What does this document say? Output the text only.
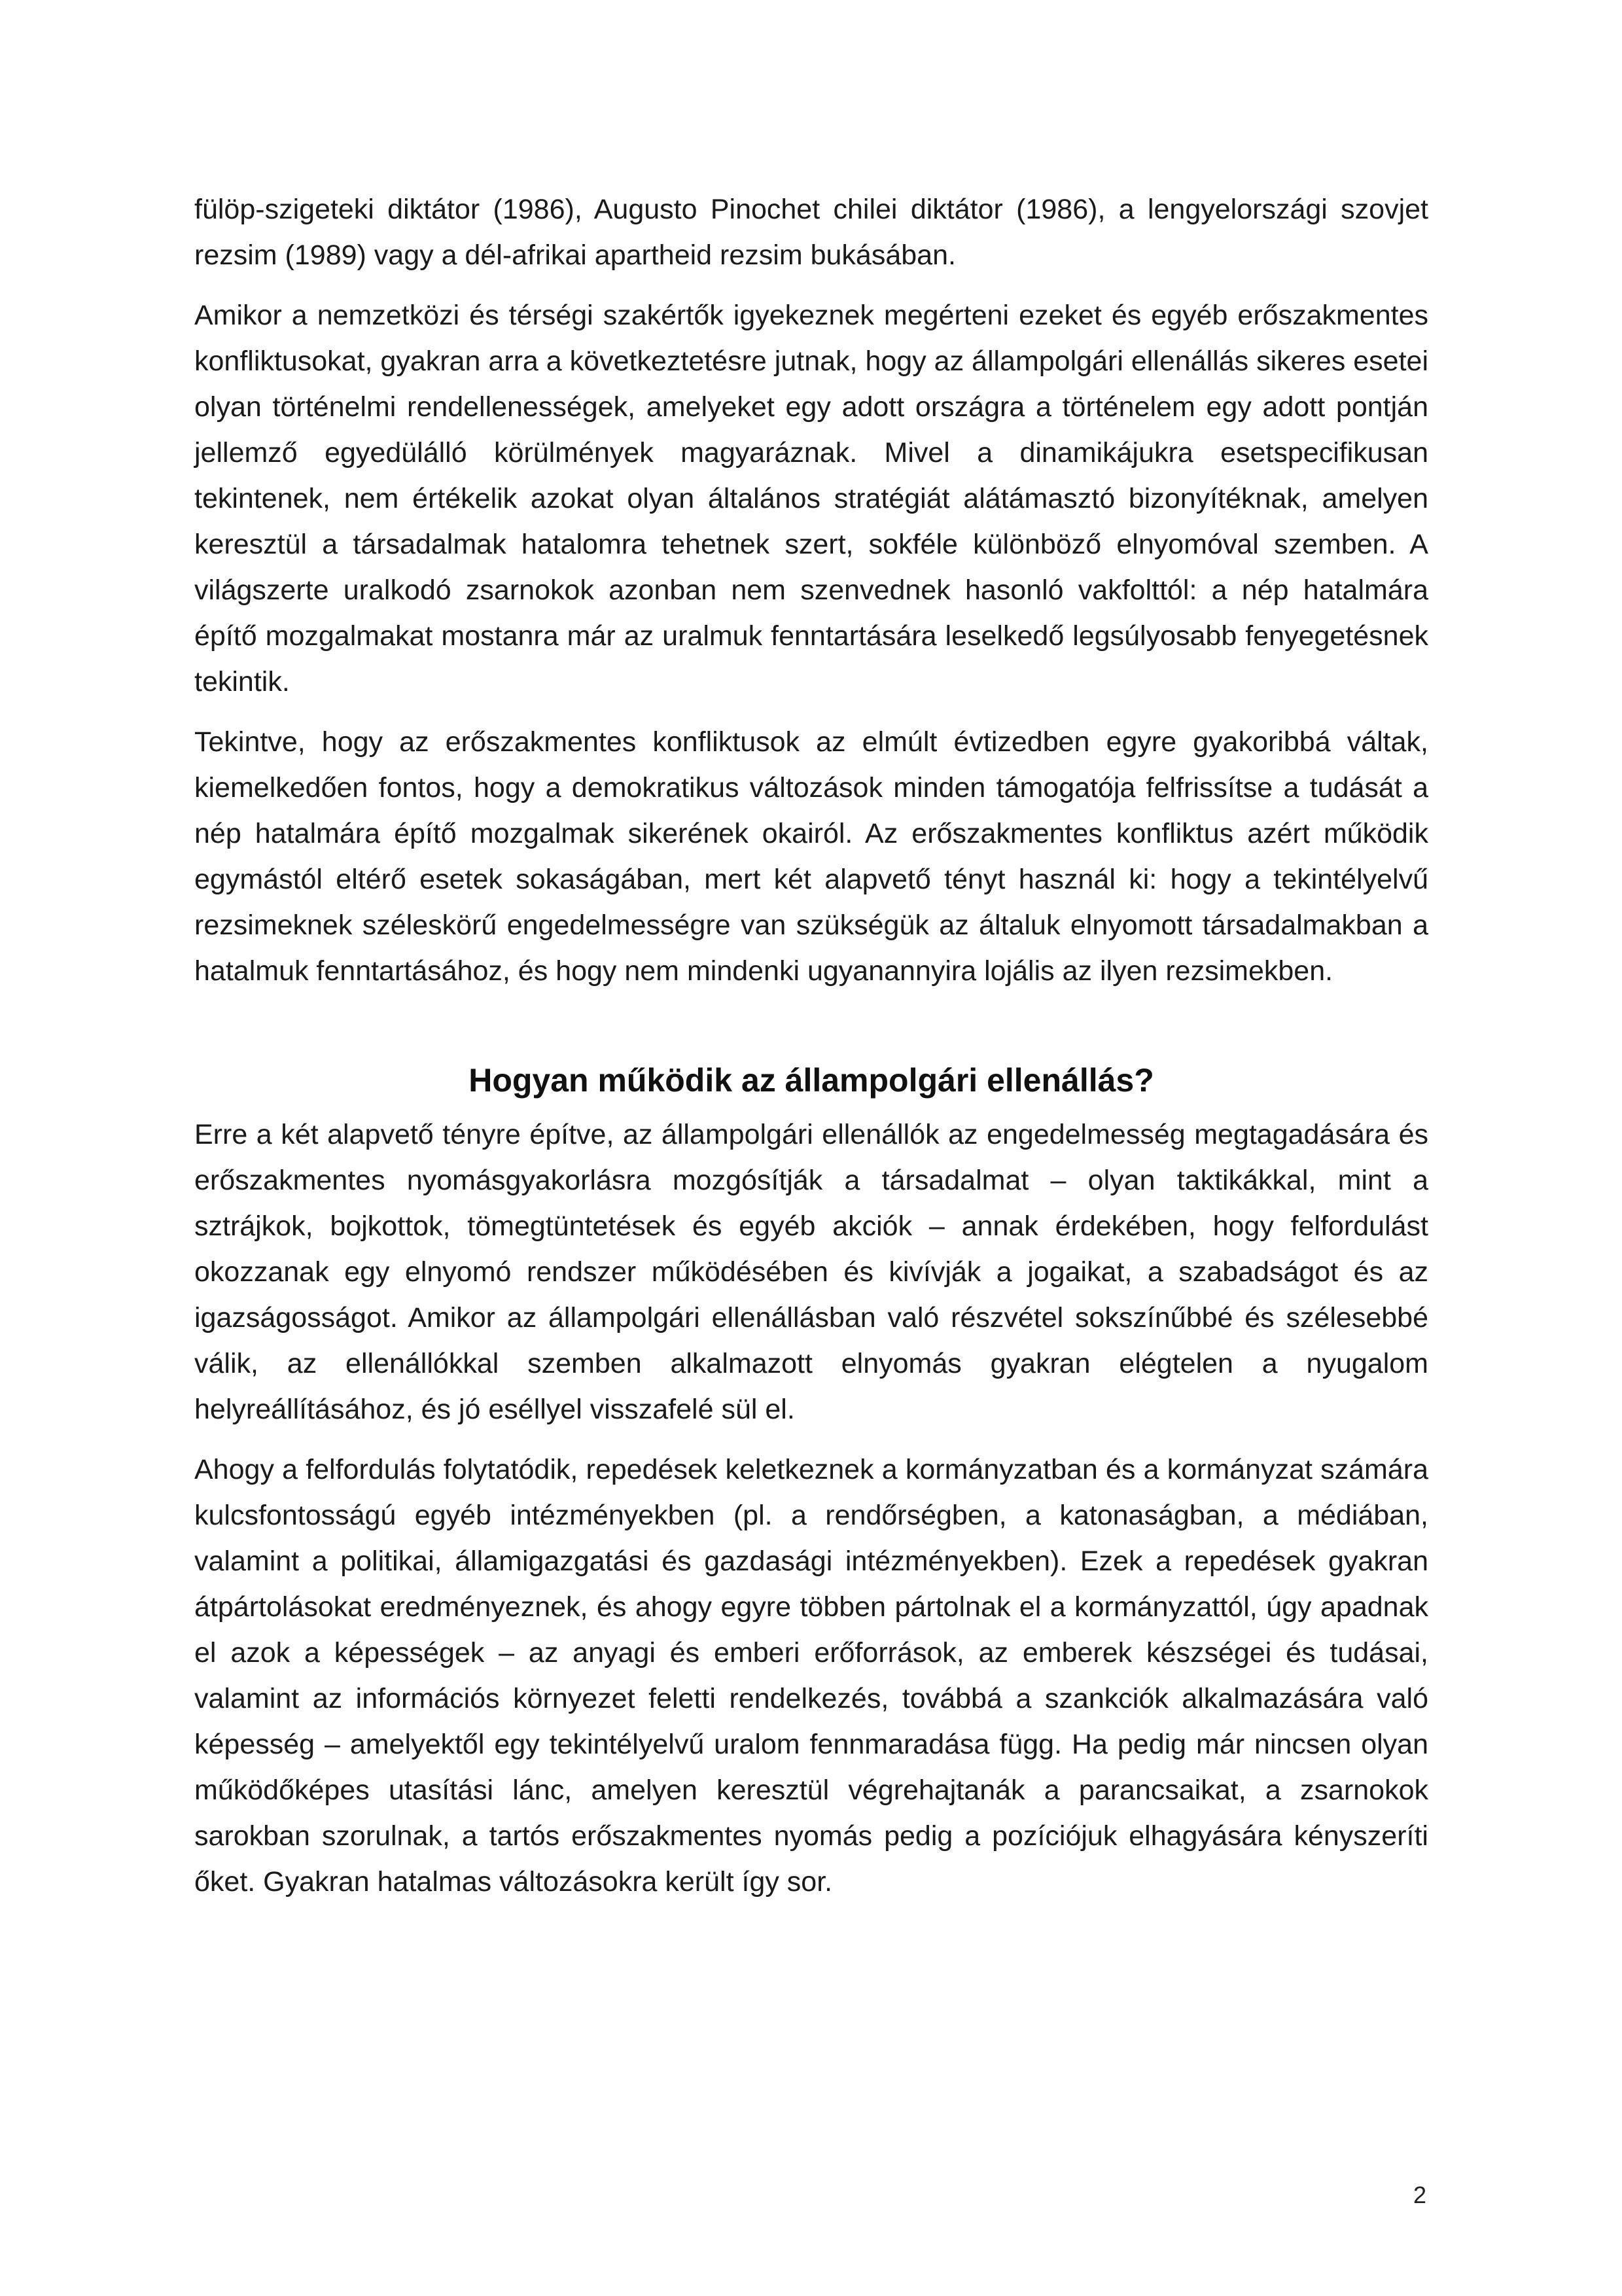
fülöp-szigeteki diktátor (1986), Augusto Pinochet chilei diktátor (1986), a lengyelországi szovjet rezsim (1989) vagy a dél-afrikai apartheid rezsim bukásában.

Amikor a nemzetközi és térségi szakértők igyekeznek megérteni ezeket és egyéb erőszakmentes konfliktusokat, gyakran arra a következtetésre jutnak, hogy az állampolgári ellenállás sikeres esetei olyan történelmi rendellenességek, amelyeket egy adott országra a történelem egy adott pontján jellemző egyedülálló körülmények magyaráznak. Mivel a dinamikájukra esetspecifikusan tekintenek, nem értékelik azokat olyan általános stratégiát alátámasztó bizonyítéknak, amelyen keresztül a társadalmak hatalomra tehetnek szert, sokféle különböző elnyomóval szemben. A világszerte uralkodó zsarnokok azonban nem szenvednek hasonló vakfolttól: a nép hatalmára építő mozgalmakat mostanra már az uralmuk fenntartására leselkedő legsúlyosabb fenyegetésnek tekintik.

Tekintve, hogy az erőszakmentes konfliktusok az elmúlt évtizedben egyre gyakoribbá váltak, kiemelkedően fontos, hogy a demokratikus változások minden támogatója felfrissítse a tudását a nép hatalmára építő mozgalmak sikerének okairól. Az erőszakmentes konfliktus azért működik egymástól eltérő esetek sokaságában, mert két alapvető tényt használ ki: hogy a tekintélyelvű rezsimeknek széleskörű engedelmességre van szükségük az általuk elnyomott társadalmakban a hatalmuk fenntartásához, és hogy nem mindenki ugyanannyira lojális az ilyen rezsimekben.

Hogyan működik az állampolgári ellenállás?

Erre a két alapvető tényre építve, az állampolgári ellenállók az engedelmesség megtagadására és erőszakmentes nyomásgyakorlásra mozgósítják a társadalmat – olyan taktikákkal, mint a sztrájkok, bojkottok, tömegtüntetések és egyéb akciók – annak érdekében, hogy felfordulást okozzanak egy elnyomó rendszer működésében és kivívják a jogaikat, a szabadságot és az igazságosságot. Amikor az állampolgári ellenállásban való részvétel sokszínűbbé és szélesebbé válik, az ellenállókkal szemben alkalmazott elnyomás gyakran elégtelen a nyugalom helyreállításához, és jó eséllyel visszafelé sül el.

Ahogy a felfordulás folytatódik, repedések keletkeznek a kormányzatban és a kormányzat számára kulcsfontosságú egyéb intézményekben (pl. a rendőrségben, a katonaságban, a médiában, valamint a politikai, államigazgatási és gazdasági intézményekben). Ezek a repedések gyakran átpártolásokat eredményeznek, és ahogy egyre többen pártolnak el a kormányzattól, úgy apadnak el azok a képességek – az anyagi és emberi erőforrások, az emberek készségei és tudásai, valamint az információs környezet feletti rendelkezés, továbbá a szankciók alkalmazására való képesség – amelyektől egy tekintélyelvű uralom fennmaradása függ. Ha pedig már nincsen olyan működőképes utasítási lánc, amelyen keresztül végrehajtanák a parancsaikat, a zsarnokok sarokban szorulnak, a tartós erőszakmentes nyomás pedig a pozíciójuk elhagyására kényszeríti őket. Gyakran hatalmas változásokra került így sor.

2
